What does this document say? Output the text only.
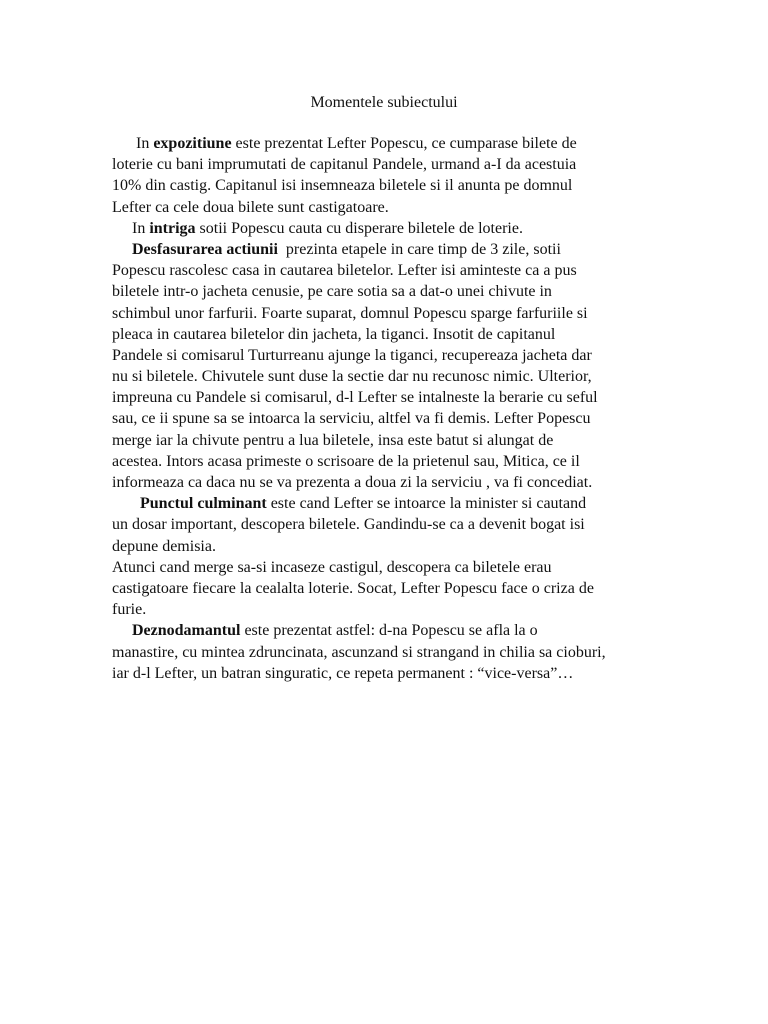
Momentele subiectului
In expozitiune este prezentat Lefter Popescu, ce cumparase bilete de
loterie cu bani imprumutati de capitanul Pandele, urmand a-I da acestuia
10% din castig. Capitanul isi insemneaza biletele si il anunta pe domnul
Lefter ca cele doua bilete sunt castigatoare.
In intriga sotii Popescu cauta cu disperare biletele de loterie.
Desfasurarea actiunii  prezinta etapele in care timp de 3 zile, sotii
Popescu rascolesc casa in cautarea biletelor. Lefter isi aminteste ca a pus
biletele intr-o jacheta cenusie, pe care sotia sa a dat-o unei chivute in
schimbul unor farfurii. Foarte suparat, domnul Popescu sparge farfuriile si
pleaca in cautarea biletelor din jacheta, la tiganci. Insotit de capitanul
Pandele si comisarul Turturreanu ajunge la tiganci, recupereaza jacheta dar
nu si biletele. Chivutele sunt duse la sectie dar nu recunosc nimic. Ulterior,
impreuna cu Pandele si comisarul, d-l Lefter se intalneste la berarie cu seful
sau, ce ii spune sa se intoarca la serviciu, altfel va fi demis. Lefter Popescu
merge iar la chivute pentru a lua biletele, insa este batut si alungat de
acestea. Intors acasa primeste o scrisoare de la prietenul sau, Mitica, ce il
informeaza ca daca nu se va prezenta a doua zi la serviciu , va fi concediat.
Punctul culminant este cand Lefter se intoarce la minister si cautand
un dosar important, descopera biletele. Gandindu-se ca a devenit bogat isi
depune demisia.
Atunci cand merge sa-si incaseze castigul, descopera ca biletele erau
castigatoare fiecare la cealalta loterie. Socat, Lefter Popescu face o criza de
furie.
Deznodamantul este prezentat astfel: d-na Popescu se afla la o
manastire, cu mintea zdruncinata, ascunzand si strangand in chilia sa cioburi,
iar d-l Lefter, un batran singuratic, ce repeta permanent : “vice-versa”…
